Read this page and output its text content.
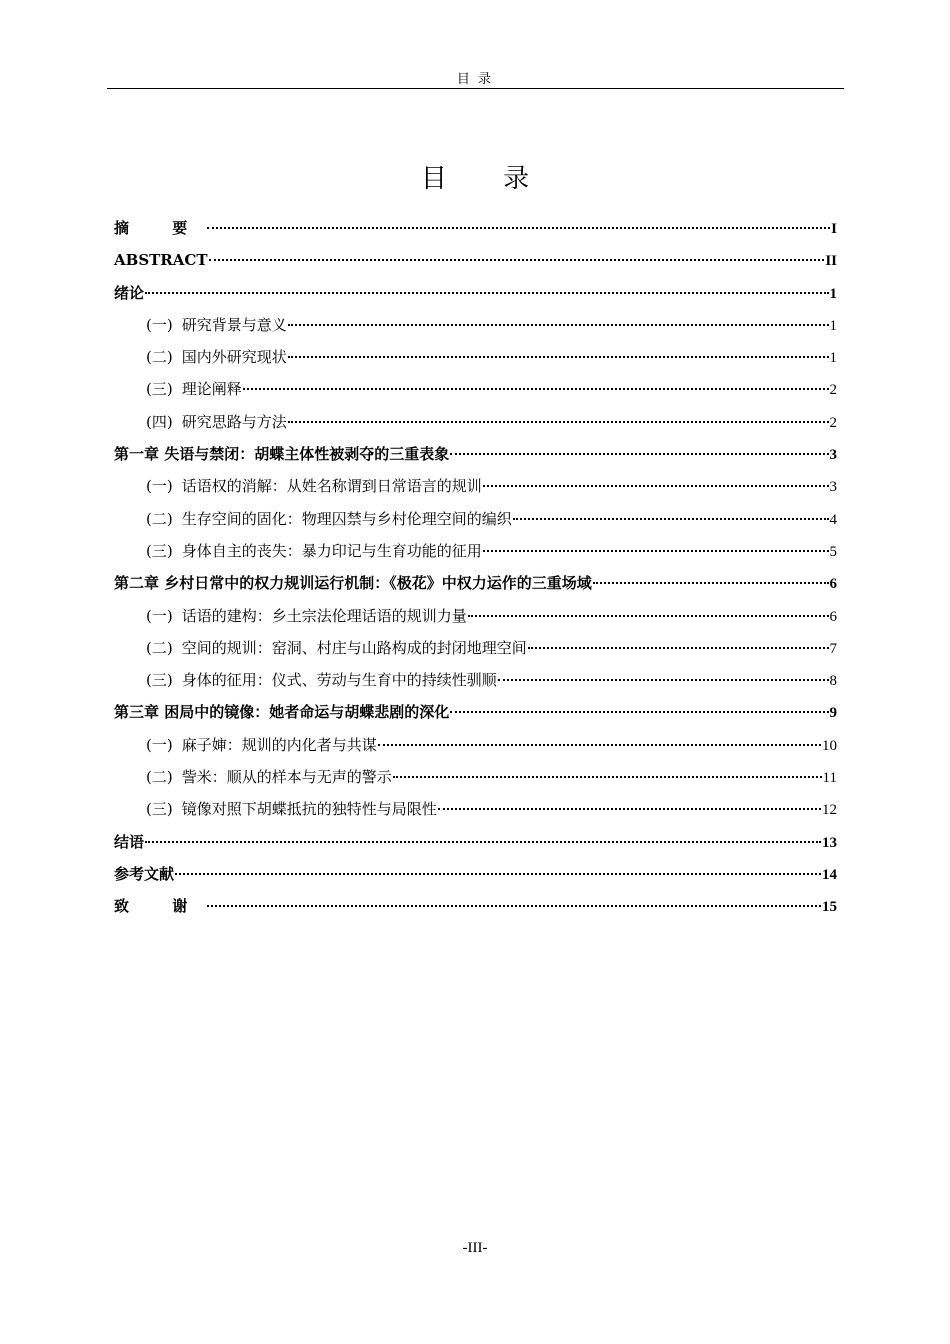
目 录
目 录
摘 要	I
ABSTRACT	II
绪论	1
(一) 研究背景与意义	1
(二) 国内外研究现状	1
(三) 理论阐释	2
(四) 研究思路与方法	2
第一章 失语与禁闭：胡蝶主体性被剥夺的三重表象	3
(一) 话语权的消解：从姓名称谓到日常语言的规训	3
(二) 生存空间的固化：物理囚禁与乡村伦理空间的编织	4
(三) 身体自主的丧失：暴力印记与生育功能的征用	5
第二章 乡村日常中的权力规训运行机制：《极花》中权力运作的三重场域	6
(一) 话语的建构：乡土宗法伦理话语的规训力量	6
(二) 空间的规训：窑洞、村庄与山路构成的封闭地理空间	7
(三) 身体的征用：仪式、劳动与生育中的持续性驯顺	8
第三章 困局中的镜像：她者命运与胡蝶悲剧的深化	9
(一) 麻子婶：规训的内化者与共谋	10
(二) 訾米：顺从的样本与无声的警示	11
(三) 镜像对照下胡蝶抵抗的独特性与局限性	12
结语	13
参考文献	14
致 谢	15
-III-
